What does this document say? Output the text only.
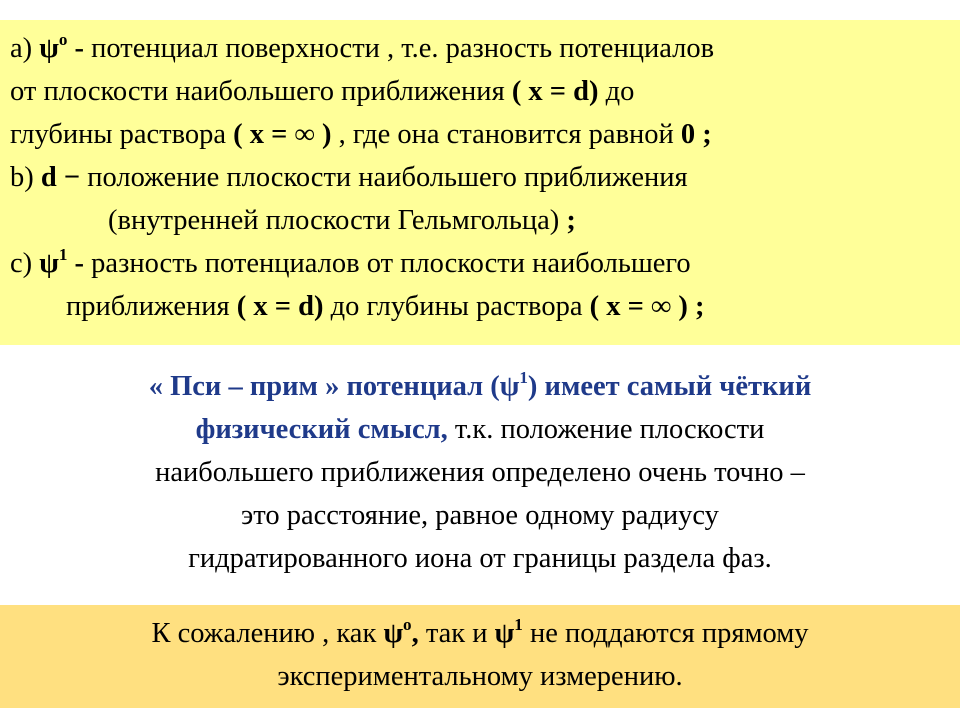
a) $\psi^o$ - потенциал поверхности , т.е. разность потенциалов
от плоскости наибольшего приближения ( x = d) до
глубины раствора ( x = ∞ ) , где она становится равной 0 ;
b) d − положение плоскости наибольшего приближения
(внутренней плоскости Гельмгольца) ;
c) $\psi^1$ - разность потенциалов от плоскости наибольшего
приближения ( x = d) до глубины раствора ( x = ∞ ) ;
« Пси – прим » потенциал $(\psi^1)$ имеет самый чёткий
физический смысл, т.к. положение плоскости
наибольшего приближения определено очень точно –
это расстояние, равное одному радиусу
гидратированного иона от границы раздела фаз.
К сожалению , как $\psi^o$, так и $\psi^1$ не поддаются прямому
экспериментальному измерению.
